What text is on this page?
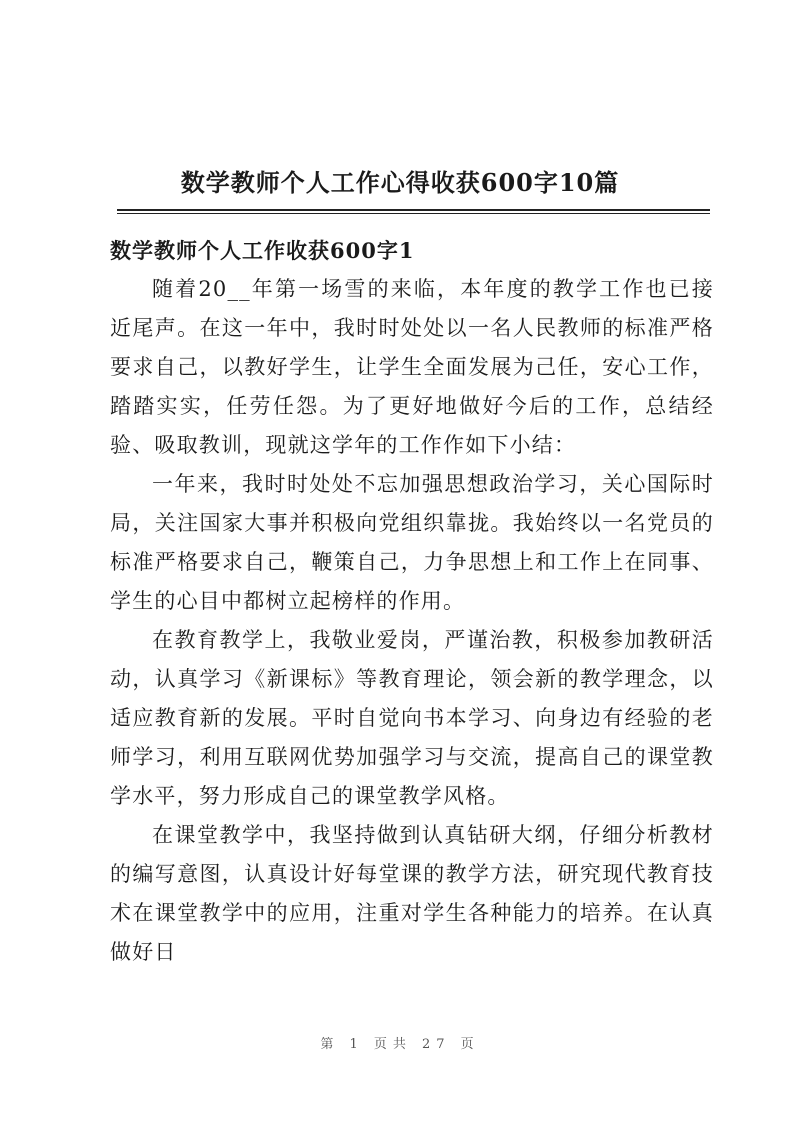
数学教师个人工作心得收获600字10篇
数学教师个人工作收获600字1

随着20__年第一场雪的来临，本年度的教学工作也已接近尾声。在这一年中，我时时处处以一名人民教师的标准严格要求自己，以教好学生，让学生全面发展为己任，安心工作，踏踏实实，任劳任怨。为了更好地做好今后的工作，总结经验、吸取教训，现就这学年的工作作如下小结：

一年来，我时时处处不忘加强思想政治学习，关心国际时局，关注国家大事并积极向党组织靠拢。我始终以一名党员的标准严格要求自己，鞭策自己，力争思想上和工作上在同事、学生的心目中都树立起榜样的作用。

在教育教学上，我敬业爱岗，严谨治教，积极参加教研活动，认真学习《新课标》等教育理论，领会新的教学理念，以适应教育新的发展。平时自觉向书本学习、向身边有经验的老师学习，利用互联网优势加强学习与交流，提高自己的课堂教学水平，努力形成自己的课堂教学风格。

在课堂教学中，我坚持做到认真钻研大纲，仔细分析教材的编写意图，认真设计好每堂课的教学方法，研究现代教育技术在课堂教学中的应用，注重对学生各种能力的培养。在认真做好日

第 1 页共 27 页
